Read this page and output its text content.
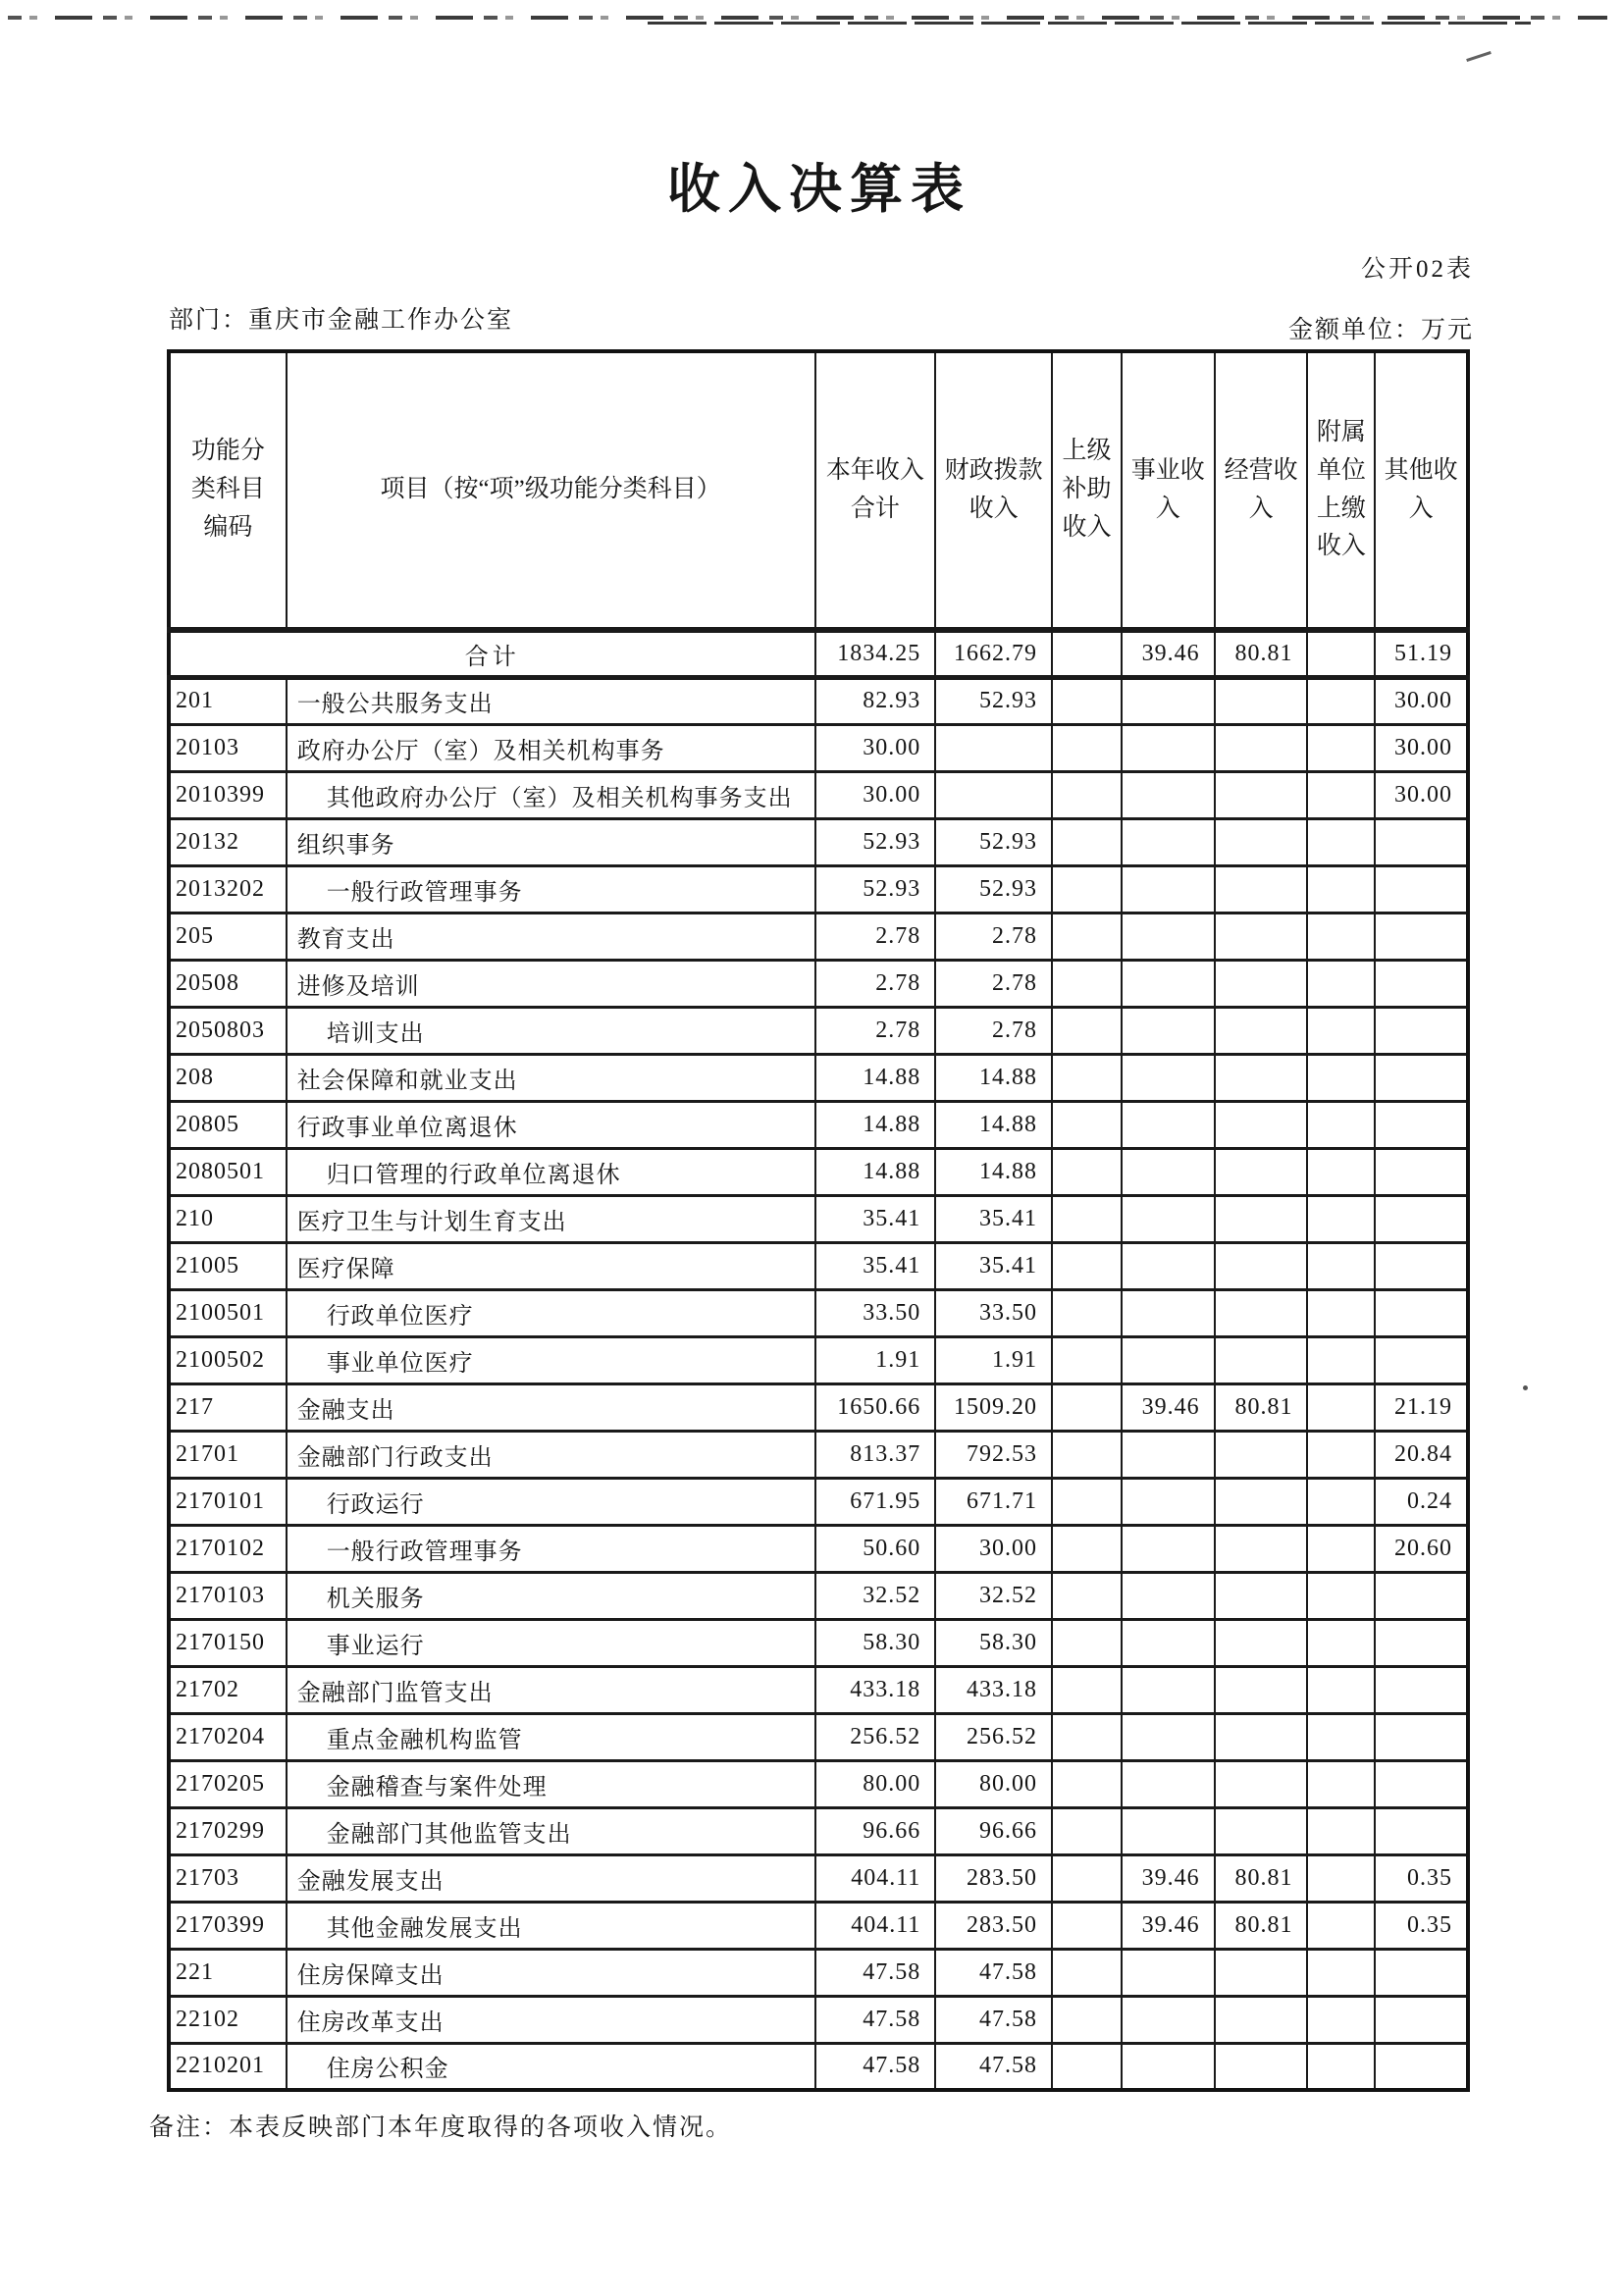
收入决算表
公开02表
部门：重庆市金融工作办公室	金额单位：万元
功能分类科目编码	项目（按“项”级功能分类科目）	本年收入合计	财政拨款收入	上级补助收入	事业收入	经营收入	附属单位上缴收入	其他收入
合计		1834.25	1662.79		39.46	80.81		51.19
201	一般公共服务支出	82.93	52.93					30.00
20103	政府办公厅（室）及相关机构事务	30.00						30.00
2010399	其他政府办公厅（室）及相关机构事务支出	30.00						30.00
20132	组织事务	52.93	52.93					
2013202	一般行政管理事务	52.93	52.93					
205	教育支出	2.78	2.78					
20508	进修及培训	2.78	2.78					
2050803	培训支出	2.78	2.78					
208	社会保障和就业支出	14.88	14.88					
20805	行政事业单位离退休	14.88	14.88					
2080501	归口管理的行政单位离退休	14.88	14.88					
210	医疗卫生与计划生育支出	35.41	35.41					
21005	医疗保障	35.41	35.41					
2100501	行政单位医疗	33.50	33.50					
2100502	事业单位医疗	1.91	1.91					
217	金融支出	1650.66	1509.20		39.46	80.81		21.19
21701	金融部门行政支出	813.37	792.53					20.84
2170101	行政运行	671.95	671.71					0.24
2170102	一般行政管理事务	50.60	30.00					20.60
2170103	机关服务	32.52	32.52					
2170150	事业运行	58.30	58.30					
21702	金融部门监管支出	433.18	433.18					
2170204	重点金融机构监管	256.52	256.52					
2170205	金融稽查与案件处理	80.00	80.00					
2170299	金融部门其他监管支出	96.66	96.66					
21703	金融发展支出	404.11	283.50		39.46	80.81		0.35
2170399	其他金融发展支出	404.11	283.50		39.46	80.81		0.35
221	住房保障支出	47.58	47.58					
22102	住房改革支出	47.58	47.58					
2210201	住房公积金	47.58	47.58					
备注：本表反映部门本年度取得的各项收入情况。
